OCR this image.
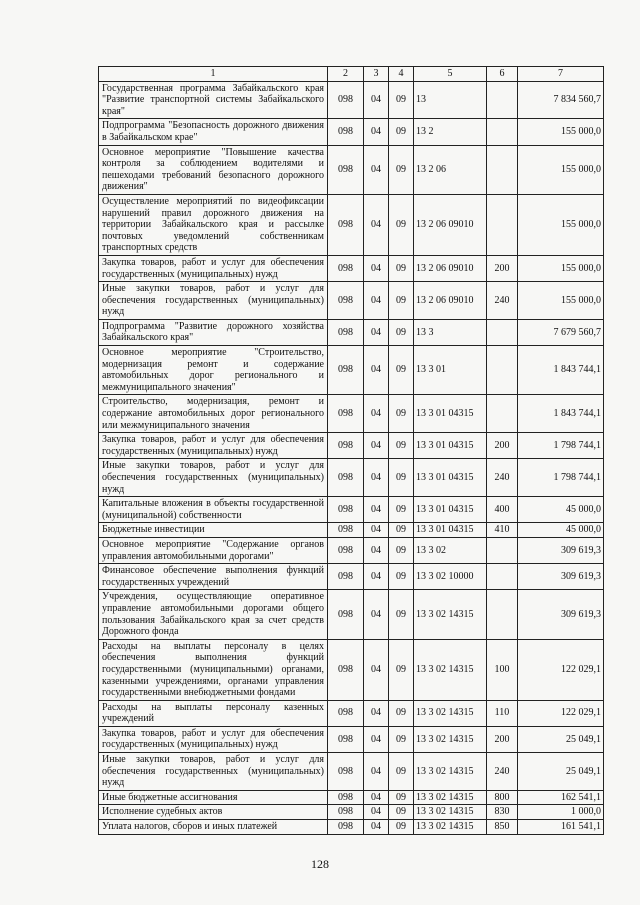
1	2	3	4	5	6	7
Государственная программа Забайкальского края "Развитие транспортной системы Забайкальского края"	098	04	09	13		7 834 560,7
Подпрограмма "Безопасность дорожного движения в Забайкальском крае"	098	04	09	13 2		155 000,0
Основное мероприятие "Повышение качества контроля за соблюдением водителями и пешеходами требований безопасного дорожного движения"	098	04	09	13 2 06		155 000,0
Осуществление мероприятий по видеофиксации нарушений правил дорожного движения на территории Забайкальского края и рассылке почтовых уведомлений собственникам транспортных средств	098	04	09	13 2 06 09010		155 000,0
Закупка товаров, работ и услуг для обеспечения государственных (муниципальных) нужд	098	04	09	13 2 06 09010	200	155 000,0
Иные закупки товаров, работ и услуг для обеспечения государственных (муниципальных) нужд	098	04	09	13 2 06 09010	240	155 000,0
Подпрограмма "Развитие дорожного хозяйства Забайкальского края"	098	04	09	13 3		7 679 560,7
Основное мероприятие "Строительство, модернизация ремонт и содержание автомобильных дорог регионального и межмуниципального значения"	098	04	09	13 3 01		1 843 744,1
Строительство, модернизация, ремонт и содержание автомобильных дорог регионального или межмуниципального значения	098	04	09	13 3 01 04315		1 843 744,1
Закупка товаров, работ и услуг для обеспечения государственных (муниципальных) нужд	098	04	09	13 3 01 04315	200	1 798 744,1
Иные закупки товаров, работ и услуг для обеспечения государственных (муниципальных) нужд	098	04	09	13 3 01 04315	240	1 798 744,1
Капитальные вложения в объекты государственной (муниципальной) собственности	098	04	09	13 3 01 04315	400	45 000,0
Бюджетные инвестиции	098	04	09	13 3 01 04315	410	45 000,0
Основное мероприятие "Содержание органов управления автомобильными дорогами"	098	04	09	13 3 02		309 619,3
Финансовое обеспечение выполнения функций государственных учреждений	098	04	09	13 3 02 10000		309 619,3
Учреждения, осуществляющие оперативное управление автомобильными дорогами общего пользования Забайкальского края за счет средств Дорожного фонда	098	04	09	13 3 02 14315		309 619,3
Расходы на выплаты персоналу в целях обеспечения выполнения функций государственными (муниципальными) органами, казенными учреждениями, органами управления государственными внебюджетными фондами	098	04	09	13 3 02 14315	100	122 029,1
Расходы на выплаты персоналу казенных учреждений	098	04	09	13 3 02 14315	110	122 029,1
Закупка товаров, работ и услуг для обеспечения государственных (муниципальных) нужд	098	04	09	13 3 02 14315	200	25 049,1
Иные закупки товаров, работ и услуг для обеспечения государственных (муниципальных) нужд	098	04	09	13 3 02 14315	240	25 049,1
Иные бюджетные ассигнования	098	04	09	13 3 02 14315	800	162 541,1
Исполнение судебных актов	098	04	09	13 3 02 14315	830	1 000,0
Уплата налогов, сборов и иных платежей	098	04	09	13 3 02 14315	850	161 541,1
128
